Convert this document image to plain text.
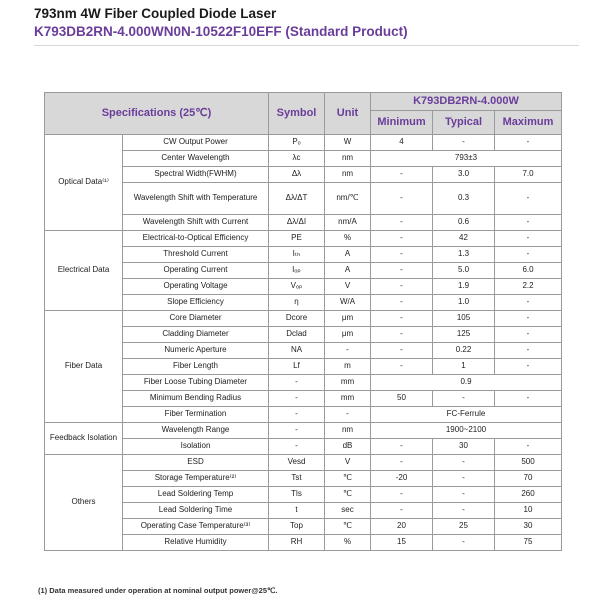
793nm 4W Fiber Coupled Diode Laser
K793DB2RN-4.000WN0N-10522F10EFF (Standard Product)
Specifications (25℃)		Symbol	Unit	K793DB2RN-4.000W		
				Minimum	Typical	Maximum
Optical Data⁽¹⁾	CW Output Power	Pₒ	W	4	-	-
	Center Wavelength	λc	nm	793±3		
	Spectral Width(FWHM)	Δλ	nm	-	3.0	7.0
	Wavelength Shift with Temperature	Δλ/ΔT	nm/℃	-	0.3	-
	Wavelength Shift with Current	Δλ/ΔI	nm/A	-	0.6	-
Electrical Data	Electrical-to-Optical Efficiency	PE	%	-	42	-
	Threshold Current	Iₜₕ	A	-	1.3	-
	Operating Current	Iₒₚ	A	-	5.0	6.0
	Operating Voltage	Vₒₚ	V	-	1.9	2.2
	Slope Efficiency	η	W/A	-	1.0	-
Fiber Data	Core Diameter	Dcore	μm	-	105	-
	Cladding Diameter	Dclad	μm	-	125	-
	Numeric Aperture	NA	-	-	0.22	-
	Fiber Length	Lf	m	-	1	-
	Fiber Loose Tubing Diameter	-	mm	0.9		
	Minimum Bending Radius	-	mm	50	-	-
	Fiber Termination	-	-	FC-Ferrule		
Feedback Isolation	Wavelength Range	-	nm	1900~2100		
	Isolation	-	dB	-	30	-
Others	ESD	Vesd	V	-	-	500
	Storage Temperature⁽²⁾	Tst	℃	-20	-	70
	Lead Soldering Temp	Tls	℃	-	-	260
	Lead Soldering Time	t	sec	-	-	10
	Operating Case Temperature⁽³⁾	Top	℃	20	25	30
	Relative Humidity	RH	%	15	-	75
(1) Data measured under operation at nominal output power@25℃.
